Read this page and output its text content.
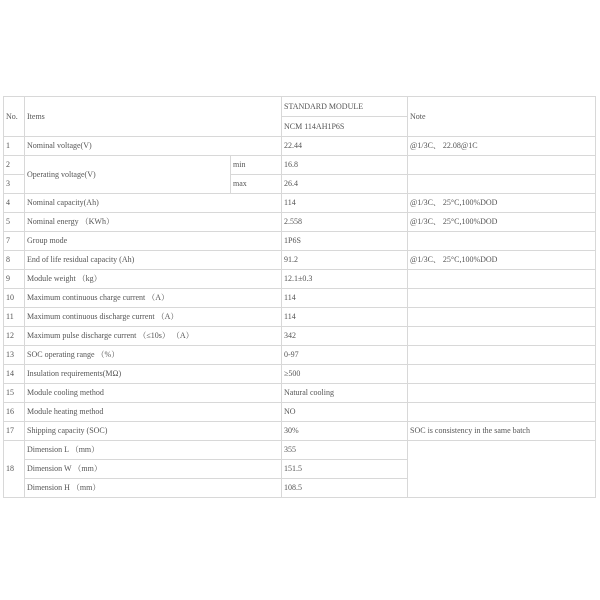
No.	Items		STANDARD MODULE	Note
			NCM 114AH1P6S	
1	Nominal voltage(V)		22.44	@1/3C、 22.08@1C
2	Operating voltage(V)	min	16.8	
3		max	26.4	
4	Nominal capacity(Ah)		114	@1/3C、 25°C,100%DOD
5	Nominal energy （KWh）		2.558	@1/3C、 25°C,100%DOD
7	Group mode		1P6S	
8	End of life residual capacity (Ah)		91.2	@1/3C、 25°C,100%DOD
9	Module weight （kg）		12.1±0.3	
10	Maximum continuous charge current （A）		114	
11	Maximum continuous discharge current （A）		114	
12	Maximum pulse discharge current （≤10s） （A）		342	
13	SOC operating range （%）		0-97	
14	Insulation requirements(MΩ)		≥500	
15	Module cooling method		Natural cooling	
16	Module heating method		NO	
17	Shipping capacity (SOC)		30%	SOC is consistency in the same batch
18	Dimension L （mm）		355	
	Dimension W （mm）		151.5	
	Dimension H （mm）		108.5	
